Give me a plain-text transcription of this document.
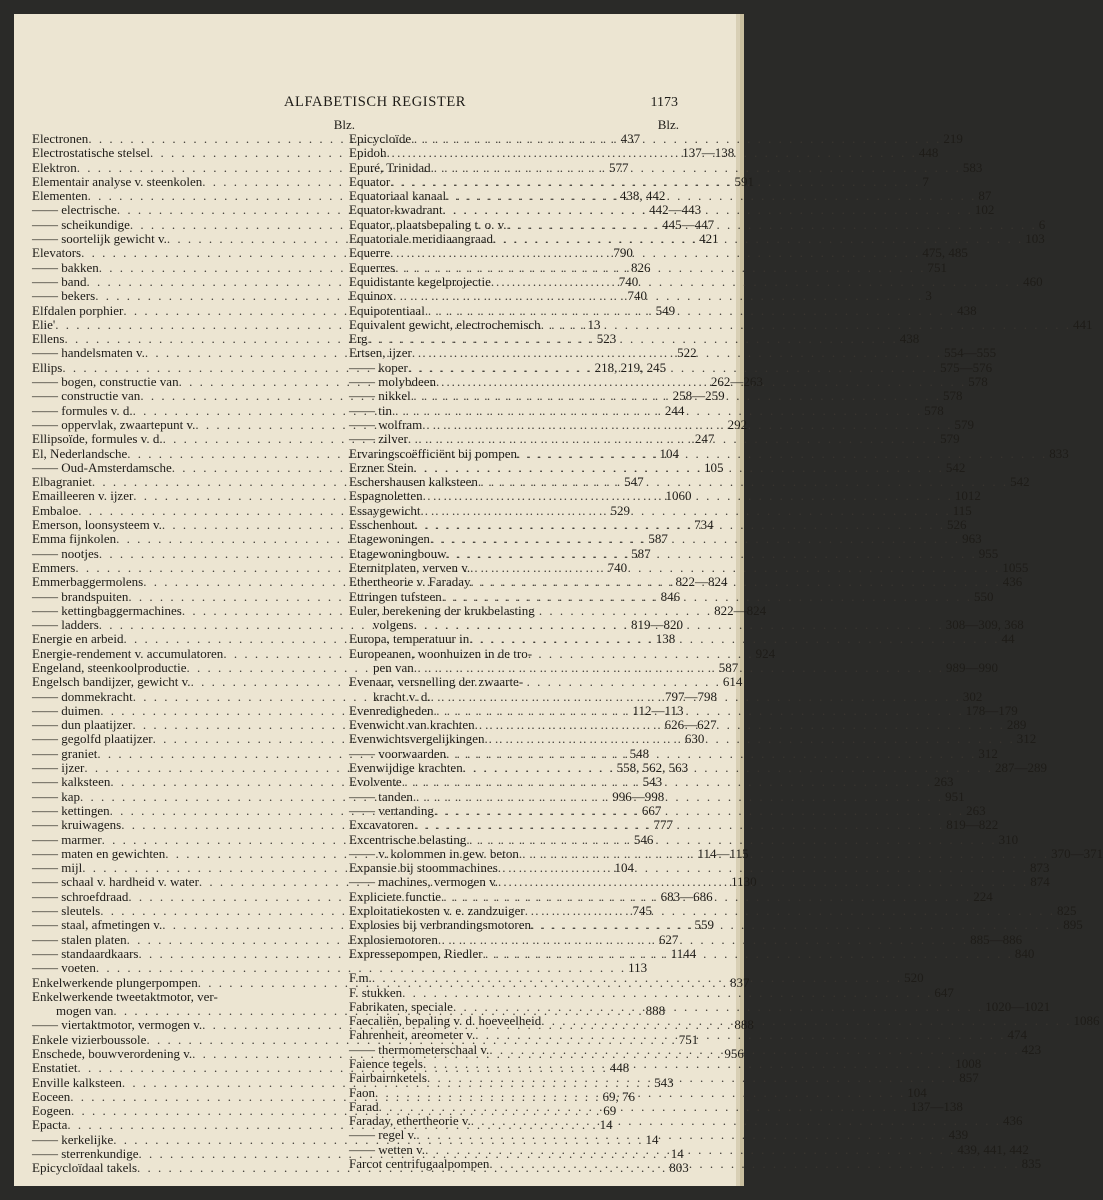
ALFABETISCH REGISTER	1173
Blz.
Electronen . . .	437
Electrostatische stelsel . . .	137—138
Elektron . . .	577
Elementair analyse v. steenkolen . . .	591
Elementen . . .	438, 442
—— electrische . . .	442—443
—— scheikundige . . .	445—447
—— soortelijk gewicht v. . . .	421
Elevators . . .	790
—— bakken . . .	826
—— band . . .	740
—— bekers . . .	740
Elfdalen porphier . . .	549
Elie' . . .	13
Ellens . . .	523
—— handelsmaten v. . . .	522
Ellips . . .	218, 219, 245
—— bogen, constructie van . . .	262—263
—— constructie van . . .	258—259
—— formules v. d. . . .	244
—— oppervlak, zwaartepunt v. . . .	292
Ellipsoïde, formules v. d. . . .	247
El, Nederlandsche . . .	104
—— Oud-Amsterdamsche . . .	105
Elbagraniet . . .	547
Emailleeren v. ijzer . . .	1060
Embaloe . . .	529
Emerson, loonsysteem v. . . .	734
Emma fijnkolen . . .	587
—— nootjes . . .	587
Emmers . . .	740
Emmerbaggermolens . . .	822—824
—— brandspuiten . . .	846
—— kettingbaggermachines . . .	822—824
—— ladders . . .	819—820
Energie en arbeid . . .	138
Energie-rendement v. accumulatoren . . .	924
Engeland, steenkoolproductie . . .	587
Engelsch bandijzer, gewicht v. . . .	614
—— dommekracht . . .	797—798
—— duimen . . .	112—113
—— dun plaatijzer . . .	626—627
—— gegolfd plaatijzer . . .	630
—— graniet . . .	548
—— ijzer . . .	558, 562, 563
—— kalksteen . . .	543
—— kap . . .	996—998
—— kettingen . . .	667
—— kruiwagens . . .	777
—— marmer . . .	546
—— maten en gewichten . . .	114—115
—— mijl . . .	104
—— schaal v. hardheid v. water . . .	1130
—— schroefdraad . . .	683—686
—— sleutels . . .	745
—— staal, afmetingen v. . . .	559
—— stalen platen . . .	627
—— standaardkaars . . .	1144
—— voeten . . .	113
Enkelwerkende plungerpompen . . .	837
Enkelwerkende tweetaktmotor, ver-
mogen van . . .	888
—— viertaktmotor, vermogen v. . . .	888
Enkele vizierboussole . . .	751
Enschede, bouwverordening v. . . .	956
Enstatiet . . .	448
Enville kalksteen . . .	543
Eoceen . . .	69, 76
Eogeen . . .	69
Epacta . . .	14
—— kerkelijke . . .	14
—— sterrenkundige . . .	14
Epicycloïdaal takels . . .	803
Blz.
Epicycloïde . . .	219
Epidoh . . .	448
Epuré, Trinidad . . .	583
Equator . . .	7
Equatoriaal kanaal . . .	87
Equator-kwadrant . . .	102
Equator, plaatsbepaling t. o. v. . . .	6
Equatoriale meridiaangraad . . .	103
Equerre . . .	475, 485
Equerres . . .	751
Equidistante kegelprojectie . . .	460
Equinox . . .	3
Equipotentiaal . . .	438
Equivalent gewicht, electrochemisch . . .	441
Erg . . .	438
Ertsen, ijzer . . .	554—555
—— koper . . .	575—576
—— molybdeen . . .	578
—— nikkel . . .	578
—— tin . . .	578
—— wolfram . . .	579
—— zilver . . .	579
Ervaringscoëfficiënt bij pompen . . .	833
Erzner Stein . . .	542
Eschershausen kalksteen . . .	542
Espagnoletten . . .	1012
Essaygewicht . . .	115
Esschenhout . . .	526
Etagewoningen . . .	963
Etagewoningbouw . . .	955
Eternitplaten, verven v. . . .	1055
Ethertheorie v. Faraday . . .	436
Ettringen tufsteen . . .	550
Euler, berekening der krukbelasting
volgens . . .	308—309, 368
Europa, temperatuur in . . .	44
Europeanen, woonhuizen in de tro-
pen van . . .	989—990
Evenaar, versnelling der zwaarte-
kracht v. d. . . .	302
Evenredigheden . . .	178—179
Evenwicht van krachten . . .	289
Evenwichtsvergelijkingen . . .	312
—— voorwaarden . . .	312
Evenwijdige krachten . . .	287—289
Evolvente . . .	263
—— tanden . . .	951
—— vertanding . . .	263
Excavatoren . . .	819—822
Excentrische belasting . . .	310
—— v. kolommen in gew. beton . . .	370—371
Expansie bij stoommachines . . .	873
—— machines, vermogen v. . . .	874
Expliciete functie . . .	224
Exploitatiekosten v. e. zandzuiger . . .	825
Explosies bij verbrandingsmotoren . . .	895
Explosiemotoren . . .	885—886
Expressepompen, Riedler . . .	840
F.m. . . .	520
F. stukken . . .	647
Fabrikaten, speciale . . .	1020—1021
Faecaliën, bepaling v. d. hoeveelheid . . .	1086
Fahrenheit, areometer v. . . .	474
—— thermometerschaal v. . . .	423
Faience tegels . . .	1008
Fairbairnketels . . .	857
Faon . . .	104
Farad . . .	137—138
Faraday, ethertheorie v. . . .	436
—— regel v. . . .	439
—— wetten v. . . .	439, 441, 442
Farcot centrifugaalpompen . . .	835
